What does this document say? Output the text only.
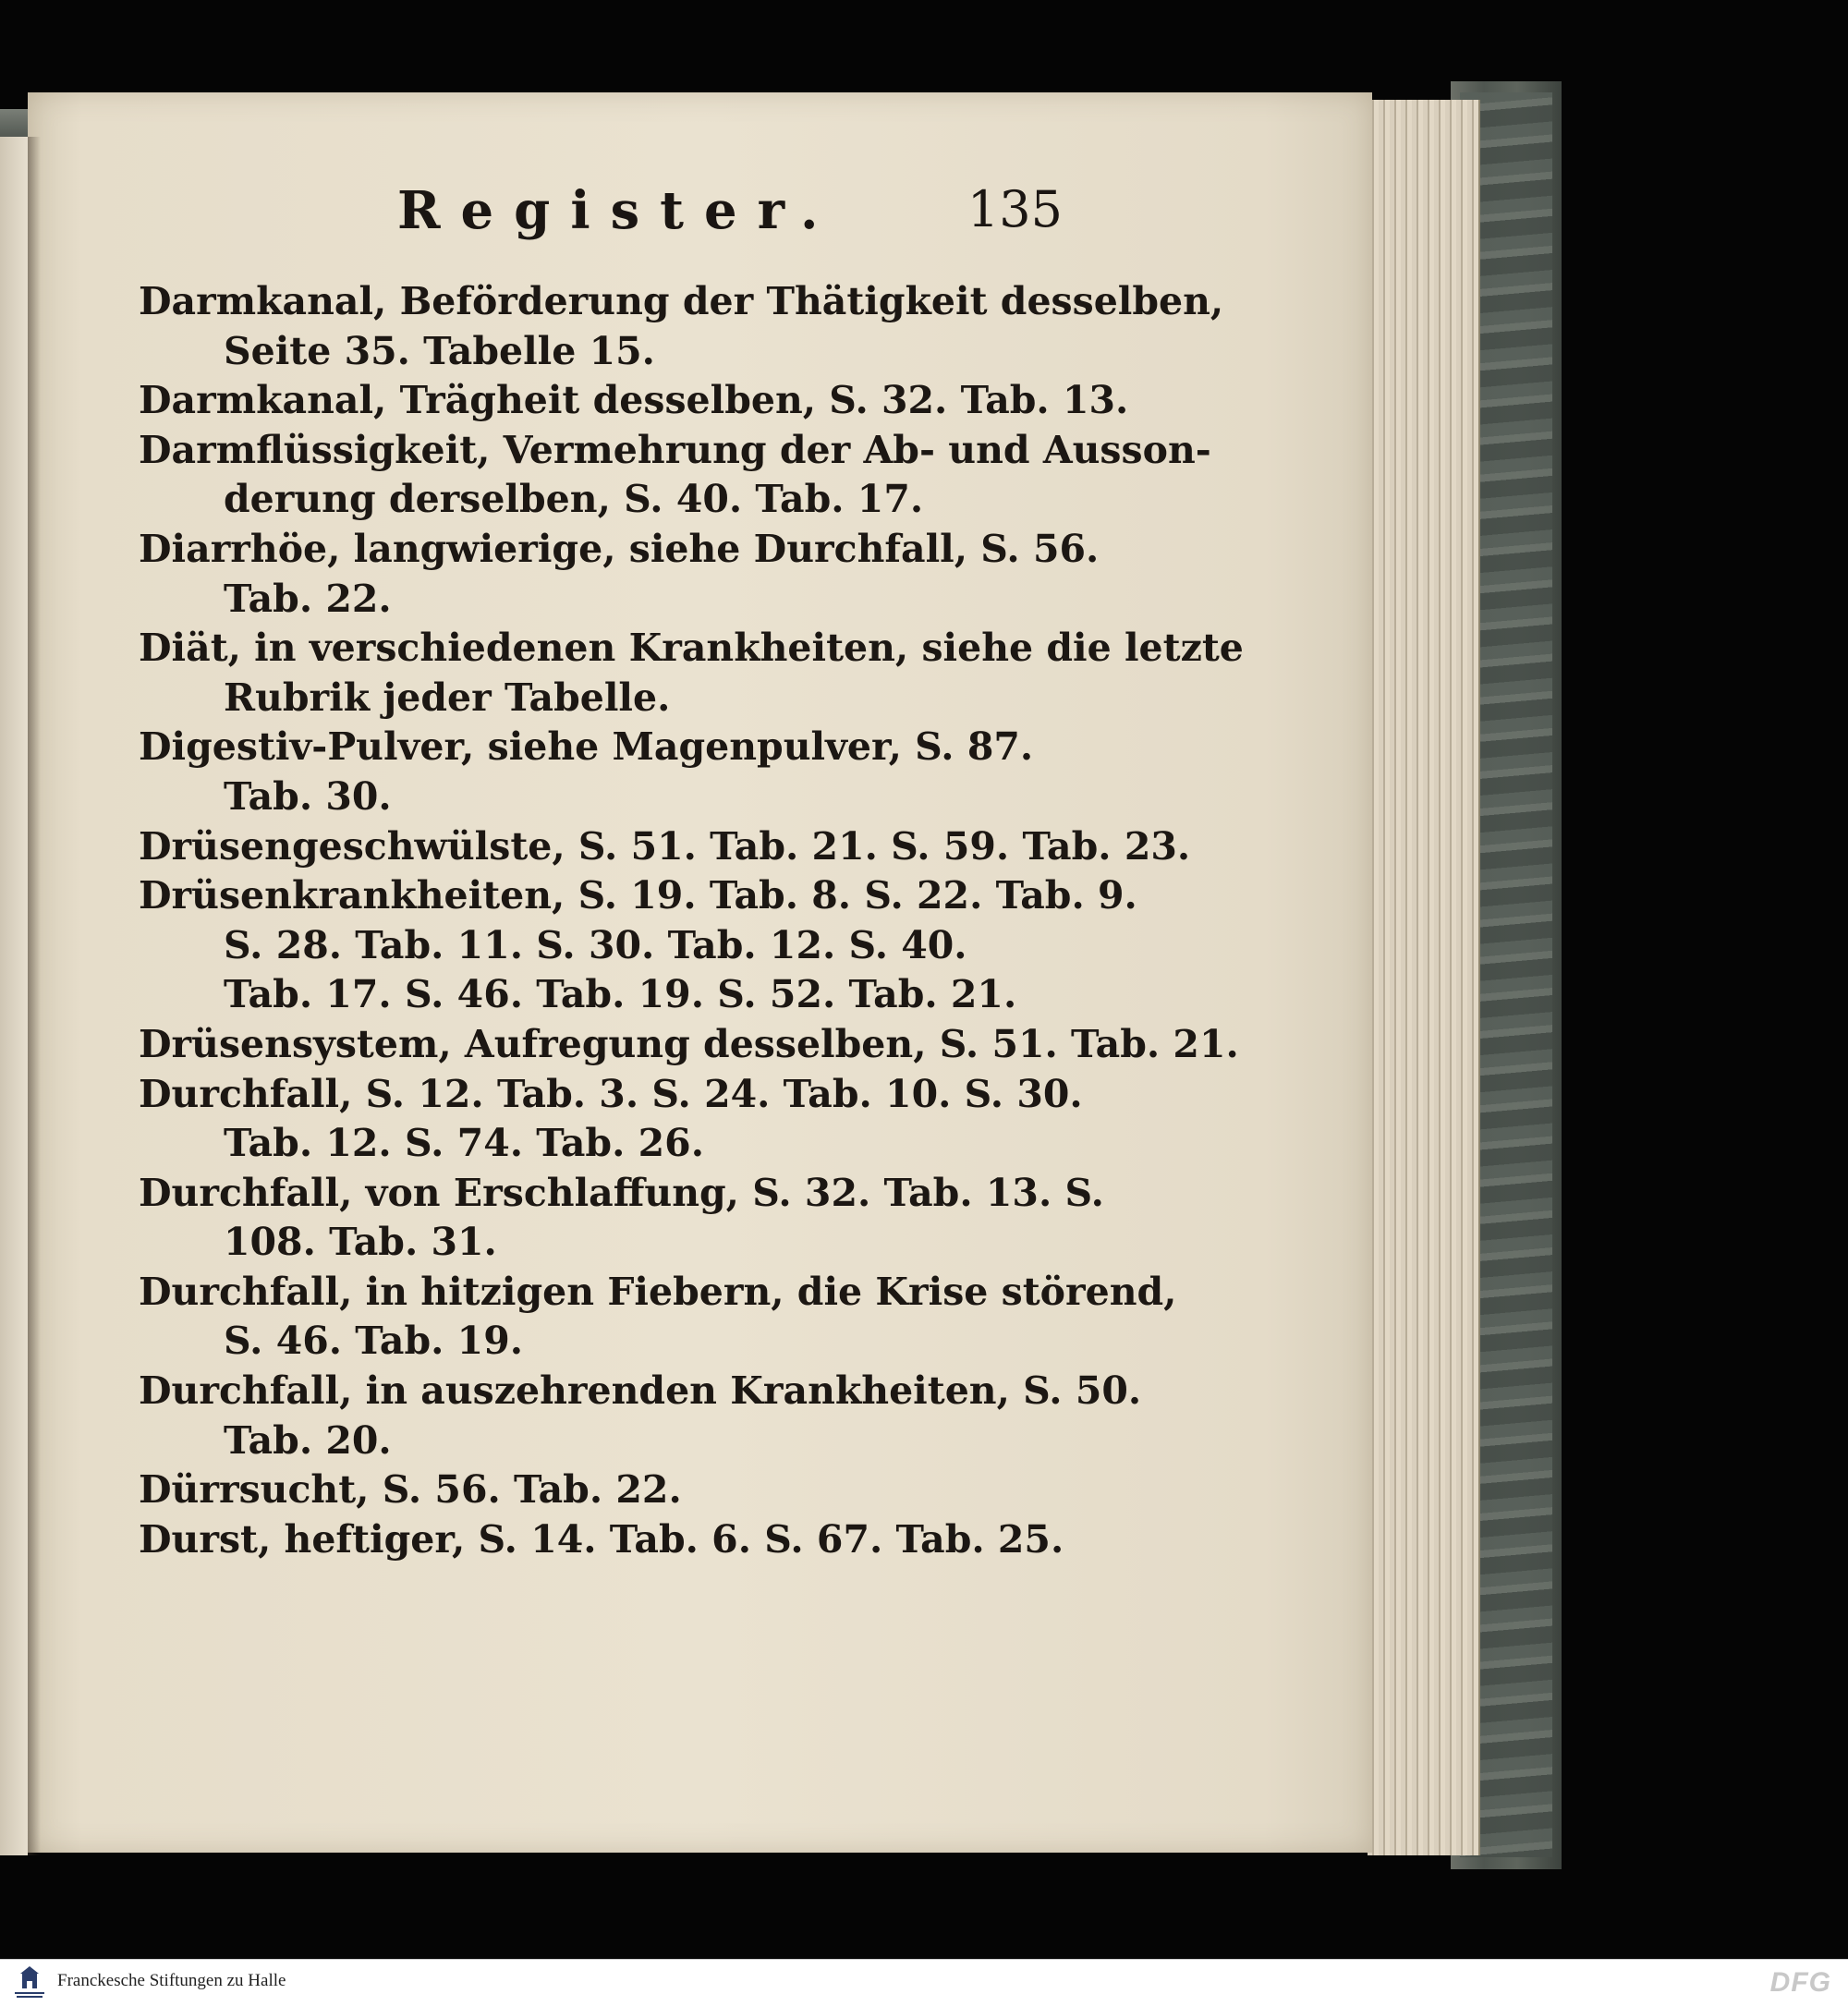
Register.	135
Darmkanal, Beförderung der Thätigkeit desselben,
Seite 35. Tabelle 15.
Darmkanal, Trägheit desselben, S. 32. Tab. 13.
Darmflüssigkeit, Vermehrung der Ab- und Ausson-
derung derselben, S. 40. Tab. 17.
Diarrhöe, langwierige, siehe Durchfall, S. 56.
Tab. 22.
Diät, in verschiedenen Krankheiten, siehe die letzte
Rubrik jeder Tabelle.
Digestiv-Pulver, siehe Magenpulver, S. 87.
Tab. 30.
Drüsengeschwülste, S. 51. Tab. 21. S. 59. Tab. 23.
Drüsenkrankheiten, S. 19. Tab. 8. S. 22. Tab. 9.
S. 28. Tab. 11. S. 30. Tab. 12. S. 40.
Tab. 17. S. 46. Tab. 19. S. 52. Tab. 21.
Drüsensystem, Aufregung desselben, S. 51. Tab. 21.
Durchfall, S. 12. Tab. 3. S. 24. Tab. 10. S. 30.
Tab. 12. S. 74. Tab. 26.
Durchfall, von Erschlaffung, S. 32. Tab. 13. S.
108. Tab. 31.
Durchfall, in hitzigen Fiebern, die Krise störend,
S. 46. Tab. 19.
Durchfall, in auszehrenden Krankheiten, S. 50.
Tab. 20.
Dürrsucht, S. 56. Tab. 22.
Durst, heftiger, S. 14. Tab. 6. S. 67. Tab. 25.
Franckesche Stiftungen zu Halle	DFG
